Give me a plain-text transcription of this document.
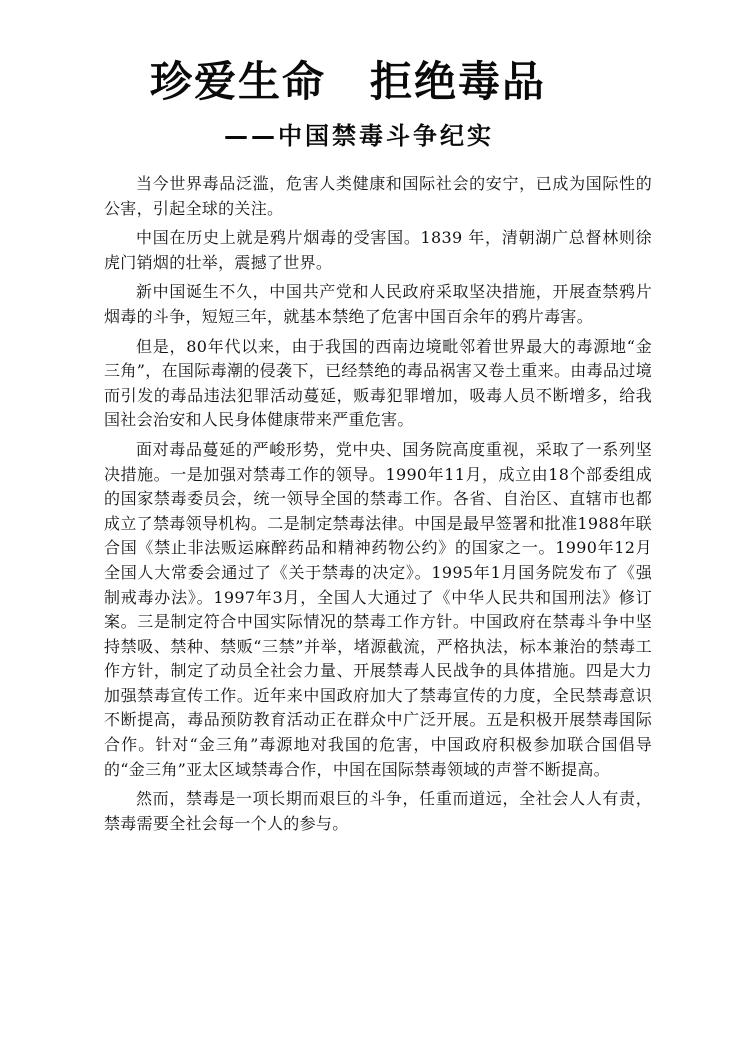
珍爱生命　拒绝毒品
——中国禁毒斗争纪实

当今世界毒品泛滥，危害人类健康和国际社会的安宁，已成为国际性的公害，引起全球的关注。

中国在历史上就是鸦片烟毒的受害国。1839 年，清朝湖广总督林则徐虎门销烟的壮举，震撼了世界。

新中国诞生不久，中国共产党和人民政府采取坚决措施，开展查禁鸦片烟毒的斗争，短短三年，就基本禁绝了危害中国百余年的鸦片毒害。

但是，80年代以来，由于我国的西南边境毗邻着世界最大的毒源地“金三角”，在国际毒潮的侵袭下，已经禁绝的毒品祸害又卷土重来。由毒品过境而引发的毒品违法犯罪活动蔓延，贩毒犯罪增加，吸毒人员不断增多，给我国社会治安和人民身体健康带来严重危害。

面对毒品蔓延的严峻形势，党中央、国务院高度重视，采取了一系列坚决措施。一是加强对禁毒工作的领导。1990年11月，成立由18个部委组成的国家禁毒委员会，统一领导全国的禁毒工作。各省、自治区、直辖市也都成立了禁毒领导机构。二是制定禁毒法律。中国是最早签署和批准1988年联合国《禁止非法贩运麻醉药品和精神药物公约》的国家之一。1990年12月全国人大常委会通过了《关于禁毒的决定》。1995年1月国务院发布了《强制戒毒办法》。1997年3月，全国人大通过了《中华人民共和国刑法》修订案。三是制定符合中国实际情况的禁毒工作方针。中国政府在禁毒斗争中坚持禁吸、禁种、禁贩“三禁”并举，堵源截流，严格执法，标本兼治的禁毒工作方针，制定了动员全社会力量、开展禁毒人民战争的具体措施。四是大力加强禁毒宣传工作。近年来中国政府加大了禁毒宣传的力度，全民禁毒意识不断提高，毒品预防教育活动正在群众中广泛开展。五是积极开展禁毒国际合作。针对“金三角”毒源地对我国的危害，中国政府积极参加联合国倡导的“金三角”亚太区域禁毒合作，中国在国际禁毒领域的声誉不断提高。

然而，禁毒是一项长期而艰巨的斗争，任重而道远，全社会人人有责，禁毒需要全社会每一个人的参与。
